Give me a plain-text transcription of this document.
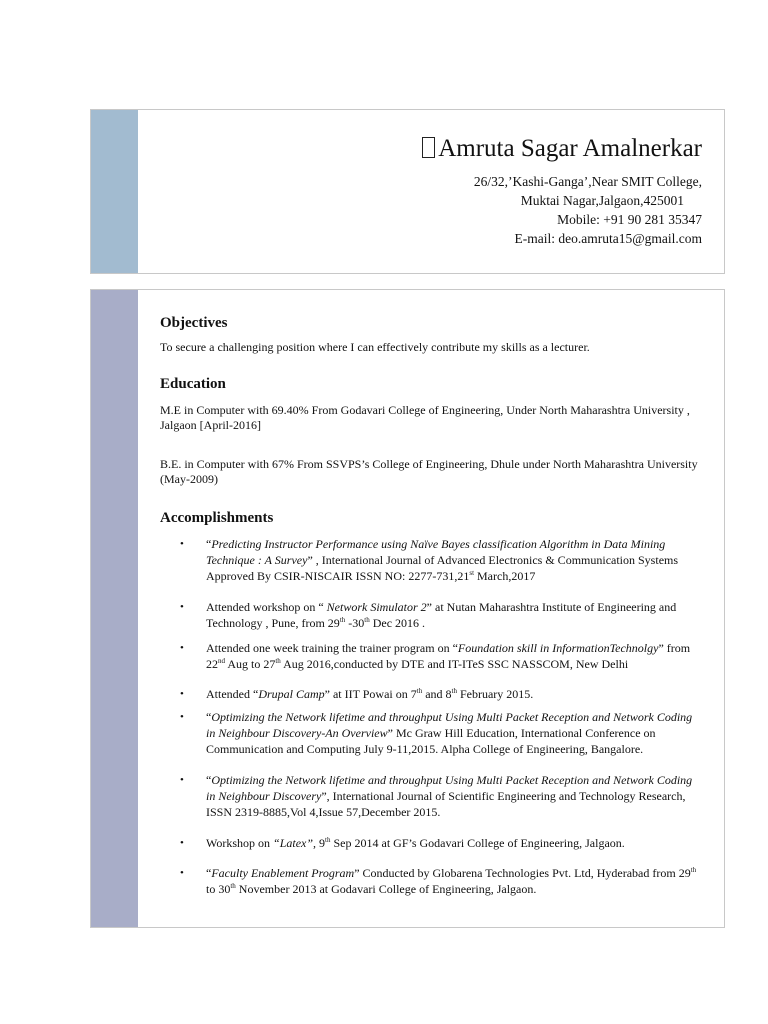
Amruta Sagar Amalnerkar
26/32,’Kashi-Ganga’,Near SMIT College,
Muktai Nagar,Jalgaon,425001
Mobile: +91 90 281 35347
E-mail: deo.amruta15@gmail.com
Objectives

To secure a challenging position where I can effectively contribute my skills as a lecturer.

Education

M.E in Computer with 69.40% From Godavari College of Engineering, Under North Maharashtra University , Jalgaon [April-2016]

B.E. in Computer with 67% From SSVPS’s College of Engineering, Dhule under North Maharashtra University (May-2009)

Accomplishments
• “Predicting Instructor Performance using Naïve Bayes classification Algorithm in Data Mining Technique : A Survey” , International Journal of Advanced Electronics & Communication Systems Approved By CSIR-NISCAIR ISSN NO: 2277-731,21st March,2017
• Attended workshop on “ Network Simulator 2” at Nutan Maharashtra Institute of Engineering and Technology , Pune, from 29th -30th Dec 2016 .
• Attended one week training the trainer program on “Foundation skill in InformationTechnolgy” from 22nd Aug to 27th Aug 2016,conducted by DTE and IT-ITeS SSC NASSCOM, New Delhi
• Attended “Drupal Camp” at IIT Powai on 7th and 8th February 2015.
• “Optimizing the Network lifetime and throughput Using Multi Packet Reception and Network Coding in Neighbour Discovery-An Overview” Mc Graw Hill Education, International Conference on Communication and Computing July 9-11,2015. Alpha College of Engineering, Bangalore.
• “Optimizing the Network lifetime and throughput Using Multi Packet Reception and Network Coding in Neighbour Discovery”, International Journal of Scientific Engineering and Technology Research, ISSN 2319-8885,Vol 4,Issue 57,December 2015.
• Workshop on “Latex”, 9th Sep 2014 at GF’s Godavari College of Engineering, Jalgaon.
• “Faculty Enablement Program” Conducted by Globarena Technologies Pvt. Ltd, Hyderabad from 29th to 30th November 2013 at Godavari College of Engineering, Jalgaon.
